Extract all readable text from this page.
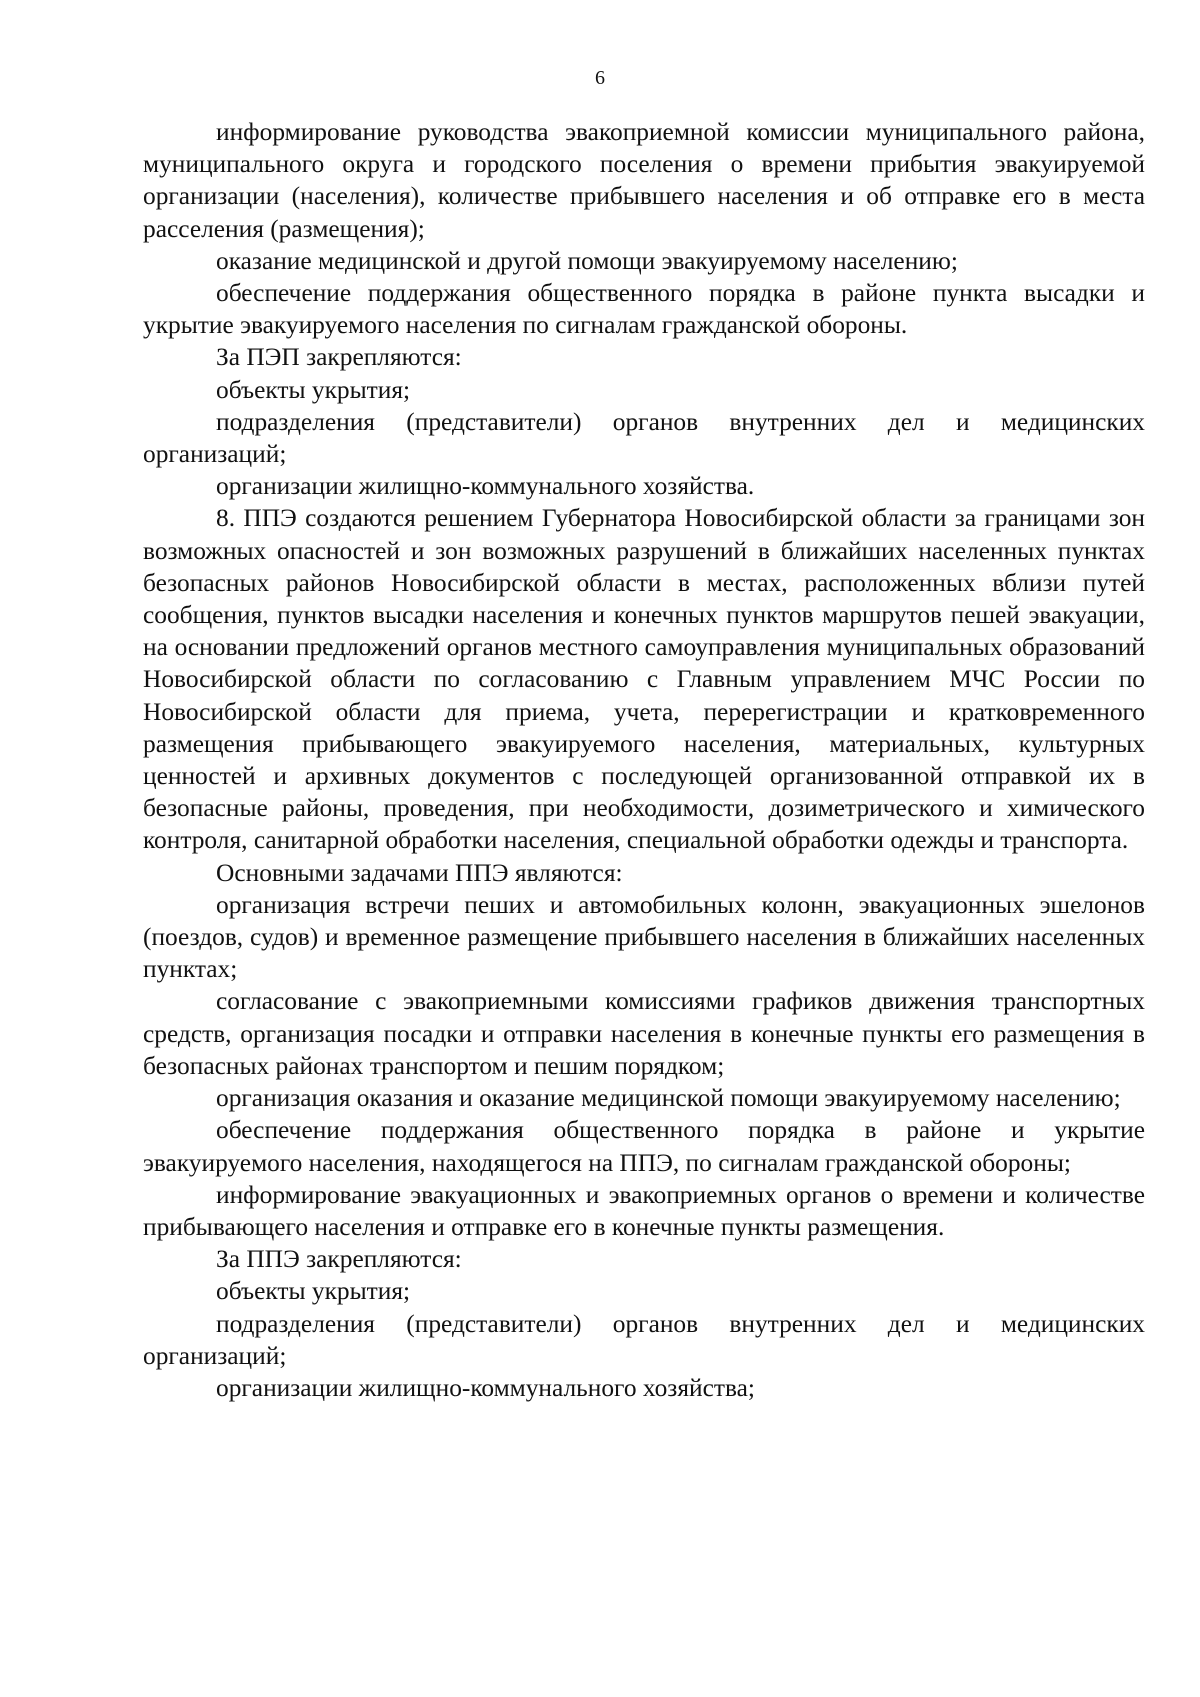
6

информирование руководства эвакоприемной комиссии муниципального района, муниципального округа и городского поселения о времени прибытия эвакуируемой организации (населения), количестве прибывшего населения и об отправке его в места расселения (размещения);

оказание медицинской и другой помощи эвакуируемому населению;

обеспечение поддержания общественного порядка в районе пункта высадки и укрытие эвакуируемого населения по сигналам гражданской обороны.

За ПЭП закрепляются:

объекты укрытия;

подразделения (представители) органов внутренних дел и медицинских организаций;

организации жилищно-коммунального хозяйства.

8. ППЭ создаются решением Губернатора Новосибирской области за границами зон возможных опасностей и зон возможных разрушений в ближайших населенных пунктах безопасных районов Новосибирской области в местах, расположенных вблизи путей сообщения, пунктов высадки населения и конечных пунктов маршрутов пешей эвакуации, на основании предложений органов местного самоуправления муниципальных образований Новосибирской области по согласованию с Главным управлением МЧС России по Новосибирской области для приема, учета, перерегистрации и кратковременного размещения прибывающего эвакуируемого населения, материальных, культурных ценностей и архивных документов с последующей организованной отправкой их в безопасные районы, проведения, при необходимости, дозиметрического и химического контроля, санитарной обработки населения, специальной обработки одежды и транспорта.

Основными задачами ППЭ являются:

организация встречи пеших и автомобильных колонн, эвакуационных эшелонов (поездов, судов) и временное размещение прибывшего населения в ближайших населенных пунктах;

согласование с эвакоприемными комиссиями графиков движения транспортных средств, организация посадки и отправки населения в конечные пункты его размещения в безопасных районах транспортом и пешим порядком;

организация оказания и оказание медицинской помощи эвакуируемому населению;

обеспечение поддержания общественного порядка в районе и укрытие эвакуируемого населения, находящегося на ППЭ, по сигналам гражданской обороны;

информирование эвакуационных и эвакоприемных органов о времени и количестве прибывающего населения и отправке его в конечные пункты размещения.

За ППЭ закрепляются:

объекты укрытия;

подразделения (представители) органов внутренних дел и медицинских организаций;

организации жилищно-коммунального хозяйства;
